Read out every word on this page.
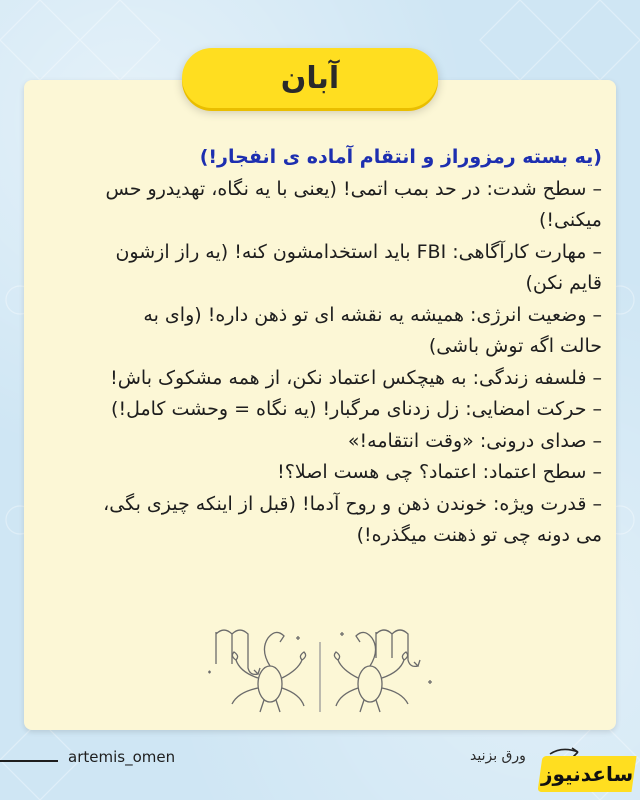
آبان

(یه بسته رمزوراز و انتقام آماده ی انفجار!)

– سطح شدت: در حد بمب اتمی! (یعنی با یه نگاه، تهدیدرو حس

میکنی!)

– مهارت کارآگاهی: FBI باید استخدامشون کنه! (یه راز ازشون

قایم نکن)

– وضعیت انرژی: همیشه یه نقشه ای تو ذهن داره! (وای به

حالت اگه توش باشی)

– فلسفه زندگی: به هیچکس اعتماد نکن، از همه مشکوک باش!

– حرکت امضایی: زل زدنای مرگبار! (یه نگاه = وحشت کامل!)

– صدای درونی: «وقت انتقامه!»

– سطح اعتماد: اعتماد؟ چی هست اصلا؟!

– قدرت ویژه: خوندن ذهن و روح آدما! (قبل از اینکه چیزی بگی،

می دونه چی تو ذهنت میگذره!)

artemis_omen	ورق بزنید
ساعدنیوز
